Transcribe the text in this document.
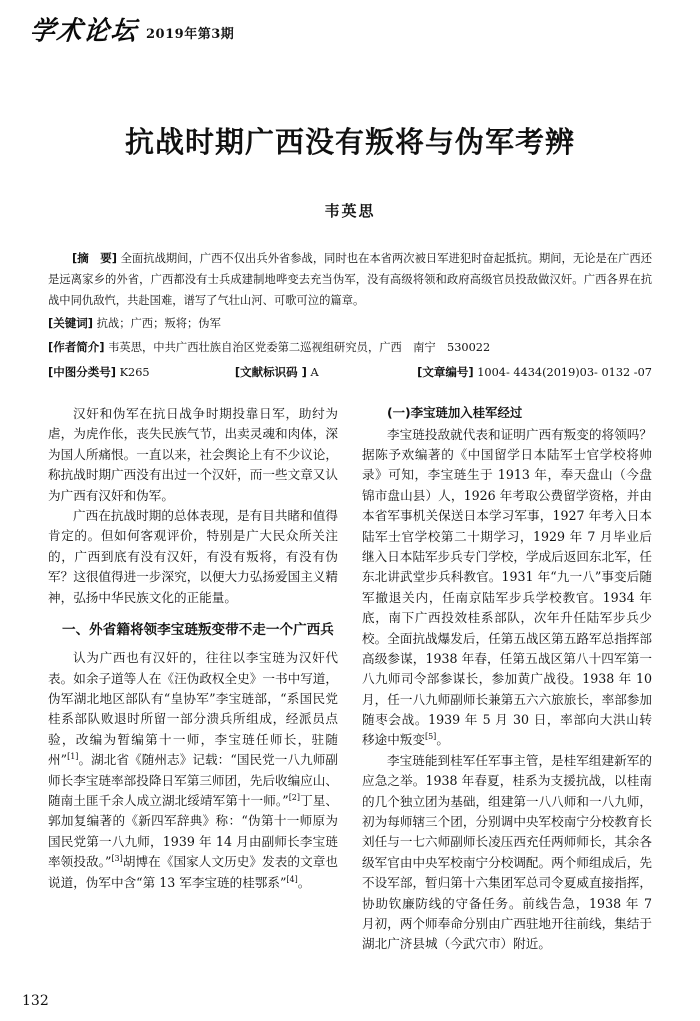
学术论坛 2019年第3期
抗战时期广西没有叛将与伪军考辨
韦英思
[摘　要] 全面抗战期间，广西不仅出兵外省参战，同时也在本省两次被日军进犯时奋起抵抗。期间，无论是在广西还是远离家乡的外省，广西都没有士兵成建制地哗变去充当伪军，没有高级将领和政府高级官员投敌做汉奸。广西各界在抗战中同仇敌忾，共赴国难，谱写了气壮山河、可歌可泣的篇章。
[关键词] 抗战；广西；叛将；伪军
[作者简介] 韦英思，中共广西壮族自治区党委第二巡视组研究员，广西　南宁　530022
[中图分类号] K265	[文献标识码 ] A	[文章编号] 1004- 4434(2019)03- 0132 -07

汉奸和伪军在抗日战争时期投靠日军，助纣为虐，为虎作伥，丧失民族气节，出卖灵魂和肉体，深为国人所痛恨。一直以来，社会舆论上有不少议论，称抗战时期广西没有出过一个汉奸，而一些文章又认为广西有汉奸和伪军。

广西在抗战时期的总体表现，是有目共睹和值得肯定的。但如何客观评价，特别是广大民众所关注的，广西到底有没有汉奸，有没有叛将，有没有伪军？这很值得进一步深究，以便大力弘扬爱国主义精神，弘扬中华民族文化的正能量。

一、外省籍将领李宝琏叛变带不走一个广西兵

认为广西也有汉奸的，往往以李宝琏为汉奸代表。如余子道等人在《汪伪政权全史》一书中写道，伪军湖北地区部队有“皇协军”李宝琏部，“系国民党桂系部队败退时所留一部分溃兵所组成，经派员点验，改编为暂编第十一师，李宝琏任师长，驻随州”[1]。湖北省《随州志》记载：“国民党一八九师副师长李宝琏率部投降日军第三师团，先后收编应山、随南土匪千余人成立湖北绥靖军第十一师。”[2]丁星、郭加复编著的《新四军辞典》称：“伪第十一师原为国民党第一八九师，1939 年 14 月由副师长李宝琏率领投敌。”[3]胡博在《国家人文历史》发表的文章也说道，伪军中含“第 13 军李宝琏的桂鄂系”[4]。

(一)李宝琏加入桂军经过

李宝琏投敌就代表和证明广西有叛变的将领吗？据陈予欢编著的《中国留学日本陆军士官学校将帅录》可知，李宝琏生于 1913 年，奉天盘山（今盘锦市盘山县）人，1926 年考取公费留学资格，并由本省军事机关保送日本学习军事，1927 年考入日本陆军士官学校第二十期学习，1929 年 7 月毕业后继入日本陆军步兵专门学校，学成后返回东北军，任东北讲武堂步兵科教官。1931 年“九一八”事变后随军撤退关内，任南京陆军步兵学校教官。1934 年底，南下广西投效桂系部队，次年升任陆军步兵少校。全面抗战爆发后，任第五战区第五路军总指挥部高级参谋，1938 年春，任第五战区第八十四军第一八九师司令部参谋长，参加黄广战役。1938 年 10 月，任一八九师副师长兼第五六六旅旅长，率部参加随枣会战。1939 年 5 月 30 日，率部向大洪山转移途中叛变[5]。

李宝琏能到桂军任军事主管，是桂军组建新军的应急之举。1938 年春夏，桂系为支援抗战，以桂南的几个独立团为基础，组建第一八八师和一八九师，初为每师辖三个团，分别调中央军校南宁分校教育长刘任与一七六师副师长凌压西充任两师师长，其余各级军官由中央军校南宁分校调配。两个师组成后，先不设军部，暂归第十六集团军总司令夏威直接指挥，协助钦廉防线的守备任务。前线告急，1938 年 7 月初，两个师奉命分别由广西驻地开往前线，集结于湖北广济县城（今武穴市）附近。

132
